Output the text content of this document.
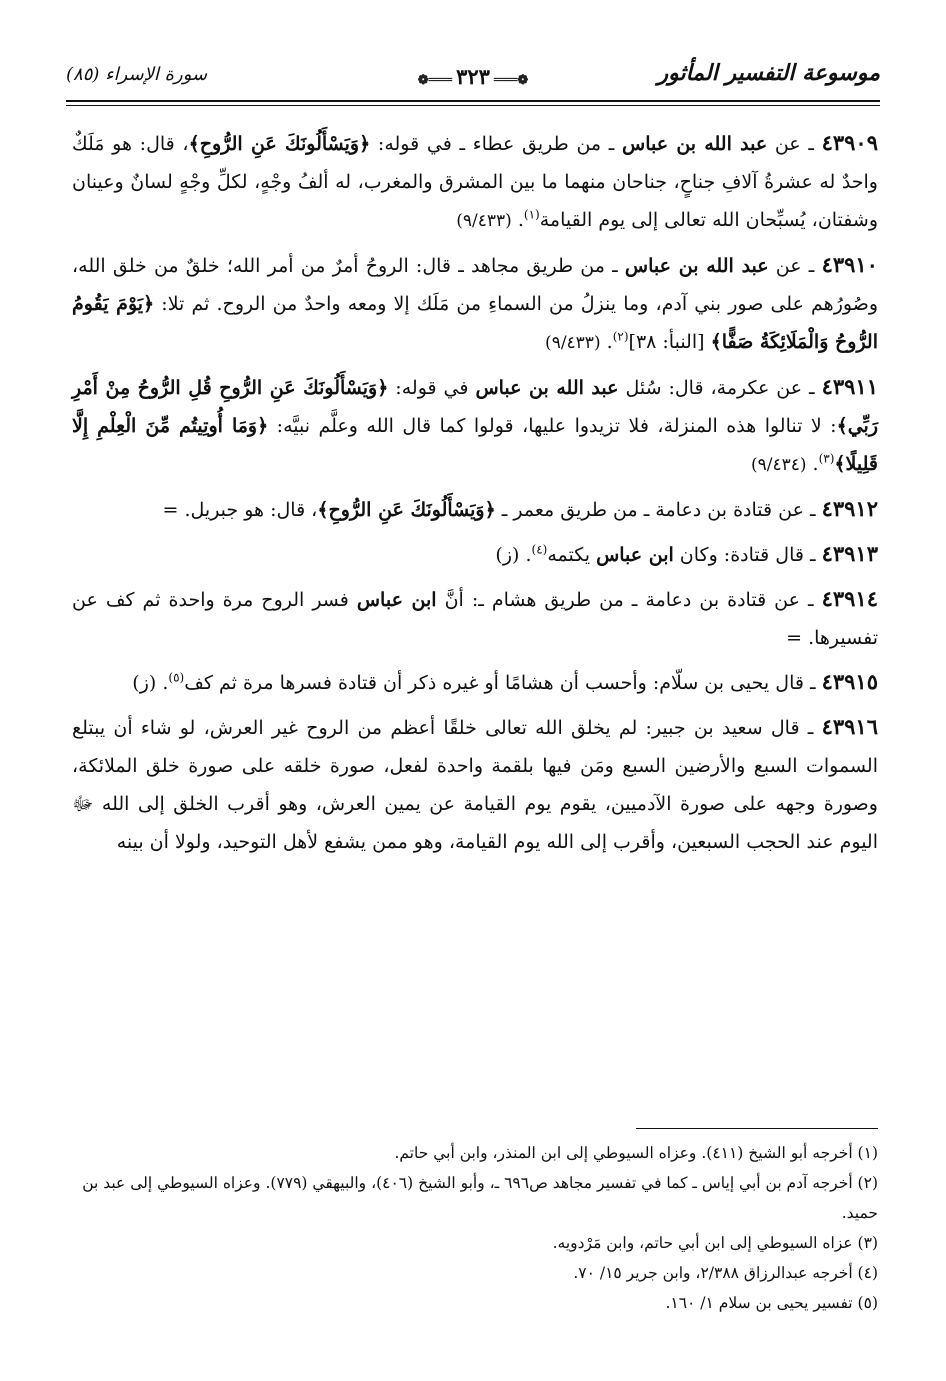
موسوعة التفسير المأثور
❁═══٣٢٣═══❁
سورة الإسراء (٨٥)

٤٣٩٠٩ ـ عن عبد الله بن عباس ـ من طريق عطاء ـ في قوله: ﴿وَيَسْأَلُونَكَ عَنِ الرُّوحِ﴾، قال: هو مَلَكٌ واحدٌ له عشرةُ آلافِ جناحٍ، جناحان منهما ما بين المشرق والمغرب، له ألفُ وجْهٍ، لكلِّ وجْهٍ لسانٌ وعينان وشفتان، يُسبِّحان الله تعالى إلى يوم القيامة$^{(١)}$. (٩/٤٣٣)

٤٣٩١٠ ـ عن عبد الله بن عباس ـ من طريق مجاهد ـ قال: الروحُ أمرٌ من أمر الله؛ خلقٌ من خلق الله، وصُورُهم على صور بني آدم، وما ينزلُ من السماءِ من مَلَك إلا ومعه واحدٌ من الروح. ثم تلا: ﴿يَوْمَ يَقُومُ الرُّوحُ وَالْمَلَائِكَةُ صَفًّا﴾ [النبأ: ٣٨]$^{(٢)}$. (٩/٤٣٣)

٤٣٩١١ ـ عن عكرمة، قال: سُئل عبد الله بن عباس في قوله: ﴿وَيَسْأَلُونَكَ عَنِ الرُّوحِ قُلِ الرُّوحُ مِنْ أَمْرِ رَبِّي﴾: لا تنالوا هذه المنزلة، فلا تزيدوا عليها، قولوا كما قال الله وعلَّم نبيَّه: ﴿وَمَا أُوتِيتُم مِّنَ الْعِلْمِ إِلَّا قَلِيلًا﴾$^{(٣)}$. (٩/٤٣٤)

٤٣٩١٢ ـ عن قتادة بن دعامة ـ من طريق معمر ـ ﴿وَيَسْأَلُونَكَ عَنِ الرُّوحِ﴾، قال: هو جبريل. =

٤٣٩١٣ ـ قال قتادة: وكان ابن عباس يكتمه$^{(٤)}$. (ز)

٤٣٩١٤ ـ عن قتادة بن دعامة ـ من طريق هشام ـ: أنَّ ابن عباس فسر الروح مرة واحدة ثم كف عن تفسيرها. =

٤٣٩١٥ ـ قال يحيى بن سلّام: وأحسب أن هشامًا أو غيره ذكر أن قتادة فسرها مرة ثم كف$^{(٥)}$. (ز)

٤٣٩١٦ ـ قال سعيد بن جبير: لم يخلق الله تعالى خلقًا أعظم من الروح غير العرش، لو شاء أن يبتلع السموات السبع والأرضين السبع ومَن فيها بلقمة واحدة لفعل، صورة خلقه على صورة خلق الملائكة، وصورة وجهه على صورة الآدميين، يقوم يوم القيامة عن يمين العرش، وهو أقرب الخلق إلى الله ﷻ اليوم عند الحجب السبعين، وأقرب إلى الله يوم القيامة، وهو ممن يشفع لأهل التوحيد، ولولا أن بينه

(١) أخرجه أبو الشيخ (٤١١). وعزاه السيوطي إلى ابن المنذر، وابن أبي حاتم.
(٢) أخرجه آدم بن أبي إياس ـ كما في تفسير مجاهد ص٦٩٦ ـ، وأبو الشيخ (٤٠٦)، والبيهقي (٧٧٩). وعزاه السيوطي إلى عبد بن حميد.
(٣) عزاه السيوطي إلى ابن أبي حاتم، وابن مَرْدويه.
(٤) أخرجه عبدالرزاق ٢/٣٨٨، وابن جرير ١٥/ ٧٠.
(٥) تفسير يحيى بن سلام ١/ ١٦٠.
